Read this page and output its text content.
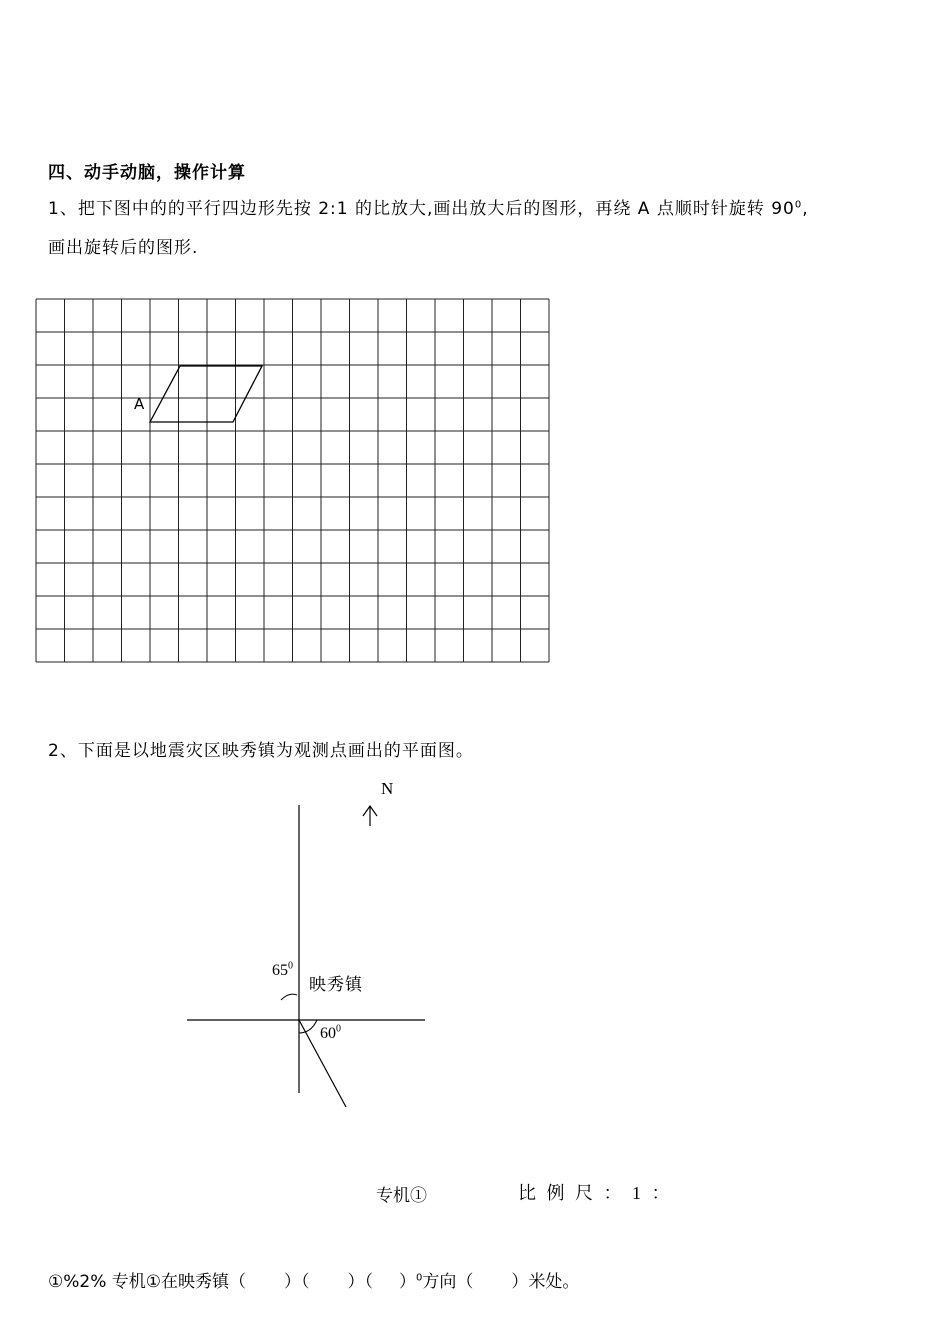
四、动手动脑，操作计算
1、把下图中的的平行四边形先按 2:1 的比放大,画出放大后的图形，再绕 A 点顺时针旋转 $90^0$,
画出旋转后的图形.
A
2、下面是以地震灾区映秀镇为观测点画出的平面图。
N
$65^0$
映秀镇
$60^0$
专机①	比 例 尺 ： 1 ：
①%2% 专机①在映秀镇（ ）（ ）（ ）$^0$方向（ ）米处。
